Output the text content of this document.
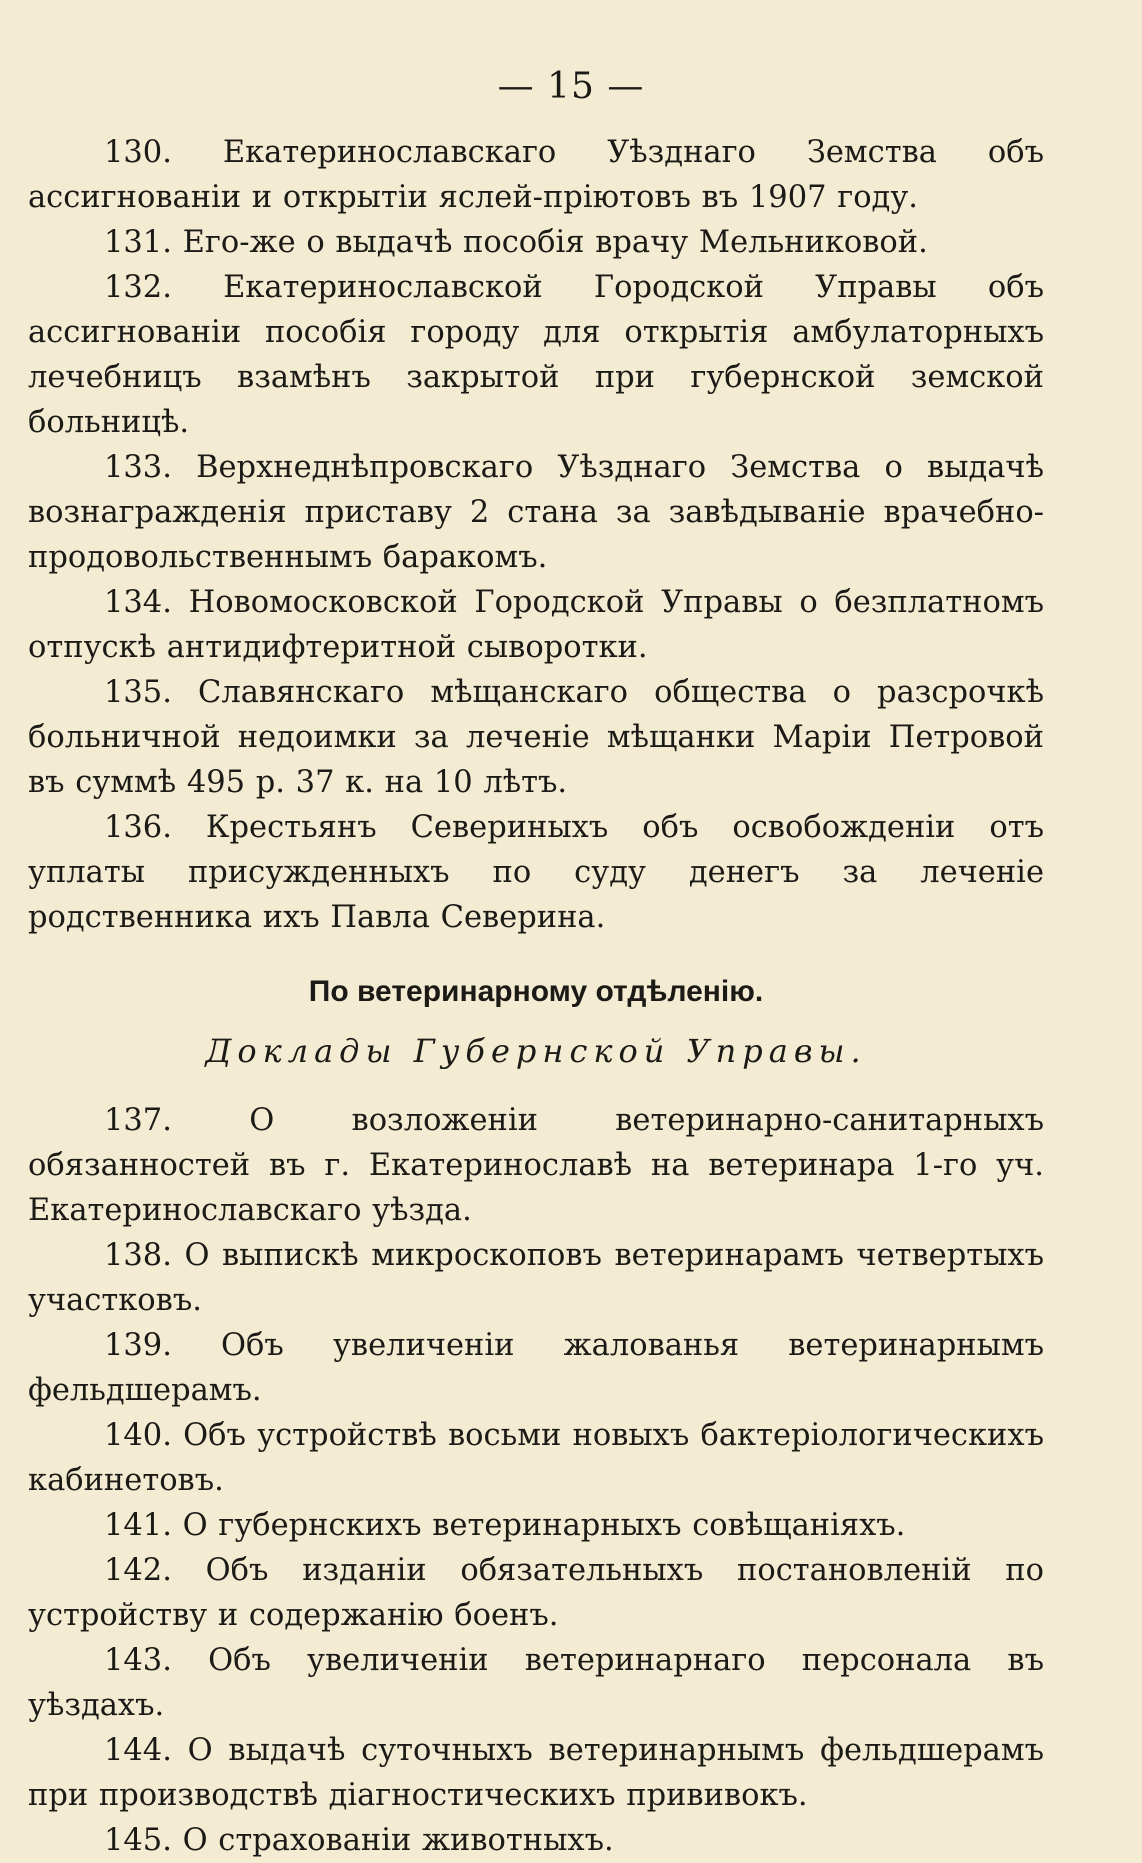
— 15 —

130. Екатеринославскаго Уѣзднаго Земства объ ассигнованіи и открытіи яслей-пріютовъ въ 1907 году.

131. Его-же о выдачѣ пособія врачу Мельниковой.

132. Екатеринославской Городской Управы объ ассигнованіи пособія городу для открытія амбулаторныхъ лечебницъ взамѣнъ закрытой при губернской земской больницѣ.

133. Верхнеднѣпровскаго Уѣзднаго Земства о выдачѣ вознагражденія приставу 2 стана за завѣдываніе врачебно-продовольственнымъ баракомъ.

134. Новомосковской Городской Управы о безплатномъ отпускѣ антидифтеритной сыворотки.

135. Славянскаго мѣщанскаго общества о разсрочкѣ больничной недоимки за леченіе мѣщанки Маріи Петровой въ суммѣ 495 р. 37 к. на 10 лѣтъ.

136. Крестьянъ Севериныхъ объ освобожденіи отъ уплаты присужденныхъ по суду денегъ за леченіе родственника ихъ Павла Северина.

По ветеринарному отдѣленію.
Доклады Губернской Управы.

137. О возложеніи ветеринарно-санитарныхъ обязанностей въ г. Екатеринославѣ на ветеринара 1-го уч. Екатеринославскаго уѣзда.

138. О выпискѣ микроскоповъ ветеринарамъ четвертыхъ участковъ.

139. Объ увеличеніи жалованья ветеринарнымъ фельдшерамъ.

140. Объ устройствѣ восьми новыхъ бактеріологическихъ кабинетовъ.

141. О губернскихъ ветеринарныхъ совѣщаніяхъ.

142. Объ изданіи обязательныхъ постановленій по устройству и содержанію боенъ.

143. Объ увеличеніи ветеринарнаго персонала въ уѣздахъ.

144. О выдачѣ суточныхъ ветеринарнымъ фельдшерамъ при производствѣ діагностическихъ прививокъ.

145. О страхованіи животныхъ.
